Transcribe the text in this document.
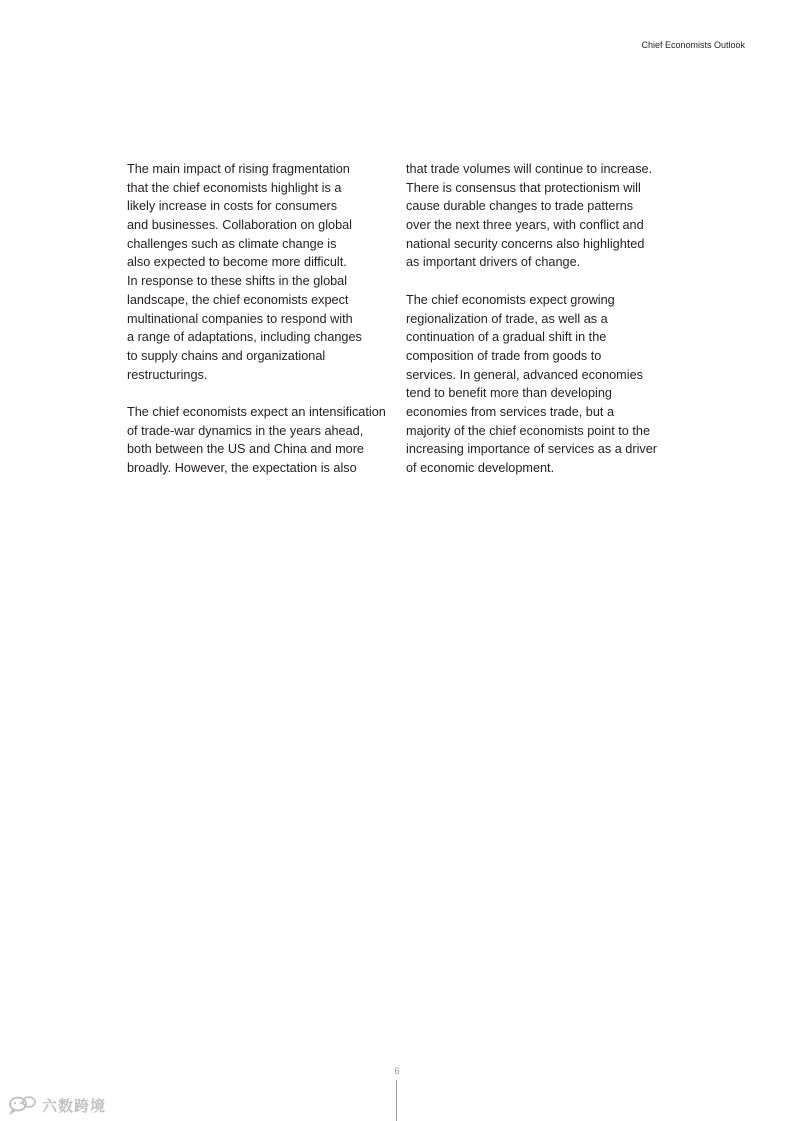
Chief Economists Outlook
The main impact of rising fragmentation
that the chief economists highlight is a
likely increase in costs for consumers
and businesses. Collaboration on global
challenges such as climate change is
also expected to become more difficult.
In response to these shifts in the global
landscape, the chief economists expect
multinational companies to respond with
a range of adaptations, including changes
to supply chains and organizational
restructurings.
The chief economists expect an intensification
of trade-war dynamics in the years ahead,
both between the US and China and more
broadly. However, the expectation is also
that trade volumes will continue to increase.
There is consensus that protectionism will
cause durable changes to trade patterns
over the next three years, with conflict and
national security concerns also highlighted
as important drivers of change.
The chief economists expect growing
regionalization of trade, as well as a
continuation of a gradual shift in the
composition of trade from goods to
services. In general, advanced economies
tend to benefit more than developing
economies from services trade, but a
majority of the chief economists point to the
increasing importance of services as a driver
of economic development.
6
六数跨境
